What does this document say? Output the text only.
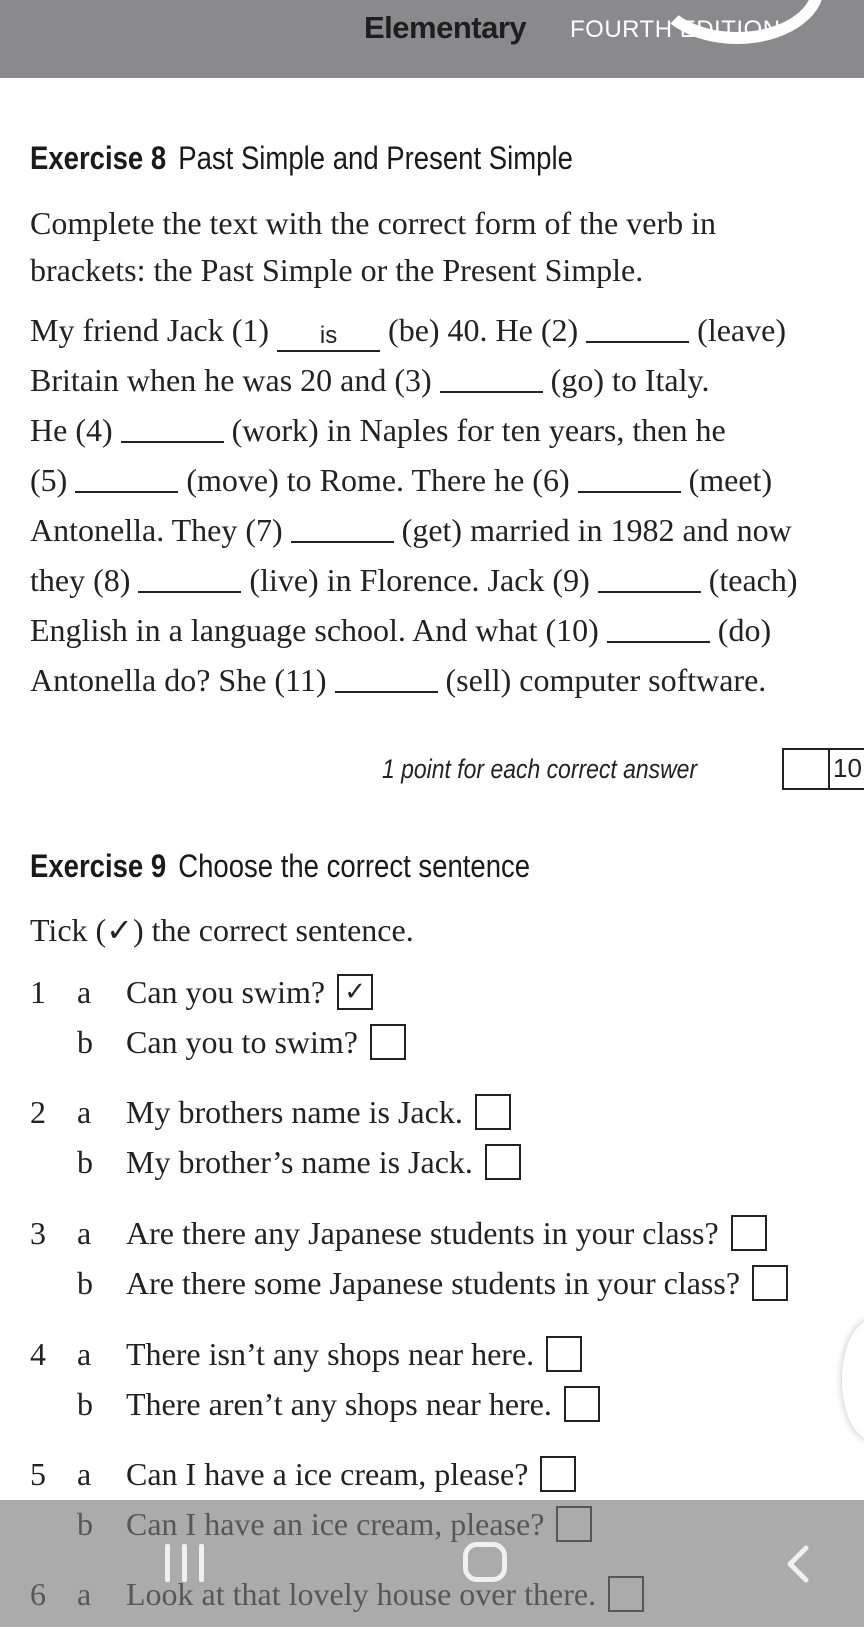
Elementary FOURTH EDITION
Exercise 8 Past Simple and Present Simple
Complete the text with the correct form of the verb in
brackets: the Past Simple or the Present Simple.
My friend Jack (1) is (be) 40. He (2)	(leave)
Britain when he was 20 and (3)	(go) to Italy.
He (4)	(work) in Naples for ten years, then he
(5)	(move) to Rome. There he (6)	(meet)
Antonella. They (7)	(get) married in 1982 and now
they (8)	(live) in Florence. Jack (9)	(teach)
English in a language school. And what (10)	(do)
Antonella do? She (11)	(sell) computer software.
1 point for each correct answer	10
Exercise 9 Choose the correct sentence
Tick (✓) the correct sentence.
1 a Can you swim? ✓
b Can you to swim?
2 a My brothers name is Jack.
b My brother’s name is Jack.
3 a Are there any Japanese students in your class?
b Are there some Japanese students in your class?
4 a There isn’t any shops near here.
b There aren’t any shops near here.
5 a Can I have a ice cream, please?
